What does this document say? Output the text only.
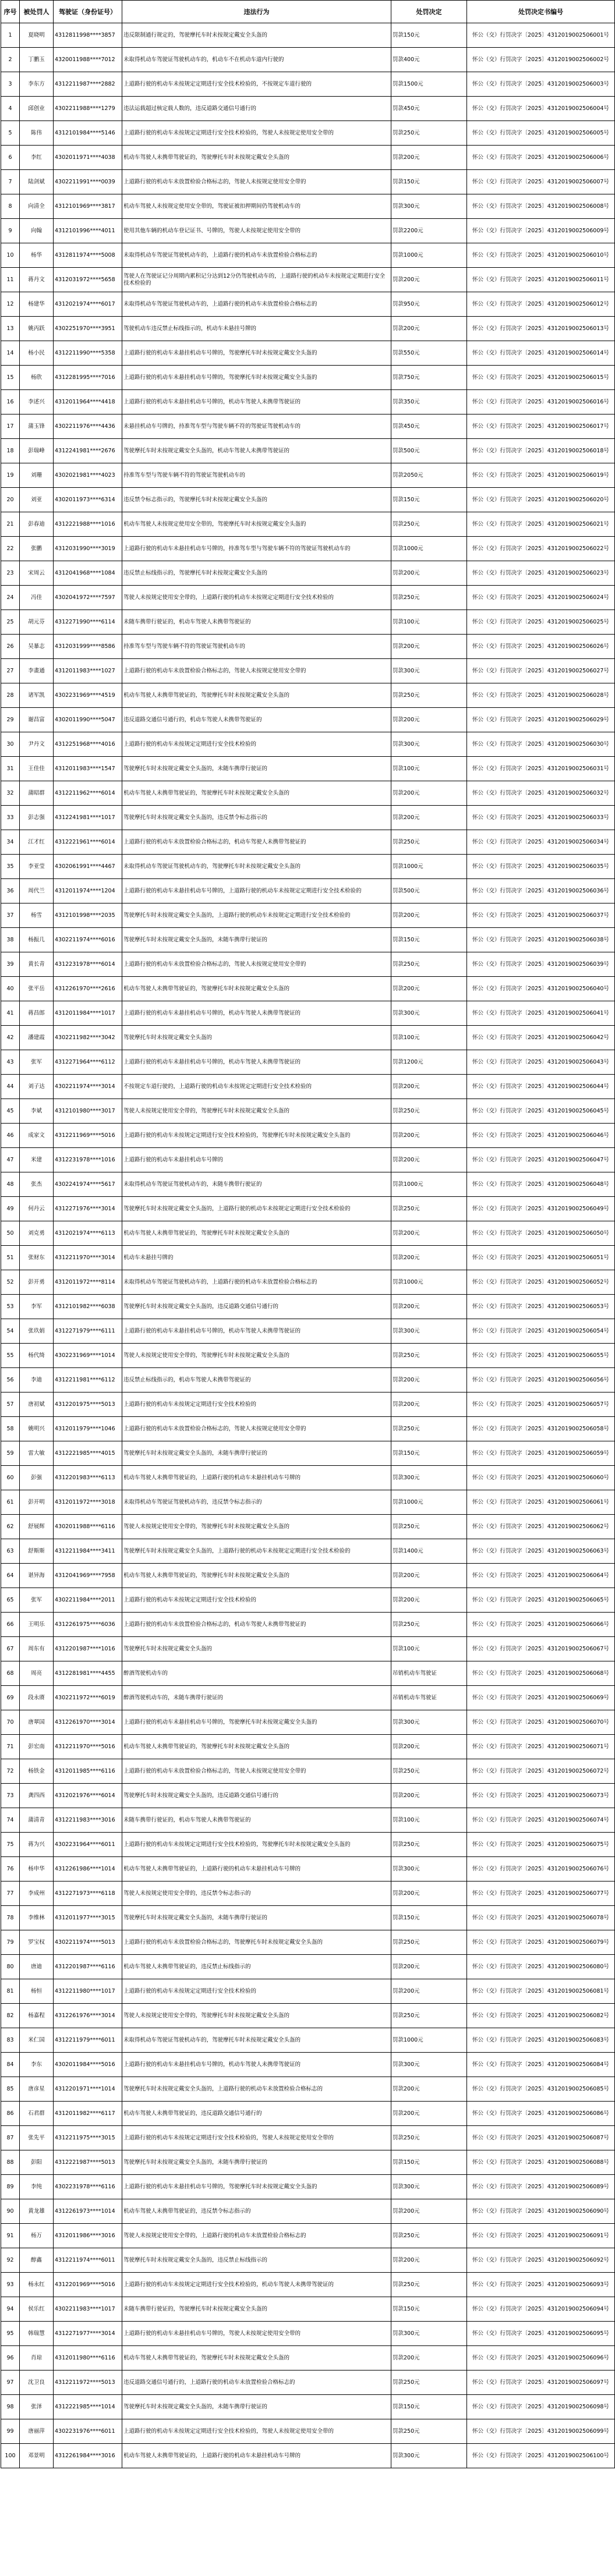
序号	被处罚人	驾驶证（身份证号）	违法行为	处罚决定	处罚决定书编号
1	夏晓明	4312811998****3857	违反限制通行规定的，驾驶摩托车时未按规定戴安全头盔的	罚款150元	怀公（交）行罚决字〔2025〕4312019002506001号
2	丁鹏玉	4320011988****7012	未取得机动车驾驶证驾驶机动车的，机动车不在机动车道内行驶的	罚款400元	怀公（交）行罚决字〔2025〕4312019002506002号
3	李东方	4312211987****2882	上道路行驶的机动车未按规定定期进行安全技术检验的，不按规定车道行驶的	罚款1500元	怀公（交）行罚决字〔2025〕4312019002506003号
4	邱创业	4302211988****1279	违法运载超过核定载人数的，违反道路交通信号通行的	罚款450元	怀公（交）行罚决字〔2025〕4312019002506004号
5	陈伟	4312101984****5146	上道路行驶的机动车未按规定定期进行安全技术检验的，驾驶人未按规定使用安全带的	罚款250元	怀公（交）行罚决字〔2025〕4312019002506005号
6	李红	4302011971****4038	机动车驾驶人未携带驾驶证的，驾驶摩托车时未按规定戴安全头盔的	罚款200元	怀公（交）行罚决字〔2025〕4312019002506006号
7	陆剑斌	4302211991****0039	上道路行驶的机动车未放置检验合格标志的，驾驶人未按规定使用安全带的	罚款150元	怀公（交）行罚决字〔2025〕4312019002506007号
8	向清全	4312101969****3817	机动车驾驶人未按规定使用安全带的，驾驶证被扣押期间仍驾驶机动车的	罚款300元	怀公（交）行罚决字〔2025〕4312019002506008号
9	向翰	4312101996****4011	使用其他车辆的机动车登记证书、号牌的，驾驶人未按规定使用安全带的	罚款2200元	怀公（交）行罚决字〔2025〕4312019002506009号
10	杨华	4312811974****5008	未取得机动车驾驶证驾驶机动车的，上道路行驶的机动车未放置检验合格标志的	罚款1000元	怀公（交）行罚决字〔2025〕4312019002506010号
11	蒋丹文	4312031972****5658	驾驶人在驾驶证记分周期内累积记分达到12分仍驾驶机动车的，上道路行驶的机动车未按规定定期进行安全技术检验的	罚款200元	怀公（交）行罚决字〔2025〕4312019002506011号
12	杨建华	4312021974****6017	未取得机动车驾驶证驾驶机动车的，上道路行驶的机动车未放置检验合格标志的	罚款950元	怀公（交）行罚决字〔2025〕4312019002506012号
13	姚丙跃	4302251970****3951	驾驶机动车违反禁止标线指示的，机动车未悬挂号牌的	罚款200元	怀公（交）行罚决字〔2025〕4312019002506013号
14	杨小民	4312211990****5358	上道路行驶的机动车未悬挂机动车号牌的，驾驶摩托车时未按规定戴安全头盔的	罚款550元	怀公（交）行罚决字〔2025〕4312019002506014号
15	杨欣	4312281995****7016	上道路行驶的机动车未悬挂机动车号牌的，驾驶摩托车时未按规定戴安全头盔的	罚款750元	怀公（交）行罚决字〔2025〕4312019002506015号
16	李述兴	4312011964****4418	上道路行驶的机动车未悬挂机动车号牌的，机动车驾驶人未携带驾驶证的	罚款350元	怀公（交）行罚决字〔2025〕4312019002506016号
17	蒲玉锋	4302211976****4436	未悬挂机动车号牌的，持准驾车型与驾驶车辆不符的驾驶证驾驶机动车的	罚款450元	怀公（交）行罚决字〔2025〕4312019002506017号
18	彭瑞峰	4312241981****2676	驾驶摩托车时未按规定戴安全头盔的，机动车驾驶人未携带驾驶证的	罚款500元	怀公（交）行罚决字〔2025〕4312019002506018号
19	刘珊	4302021981****4023	持准驾车型与驾驶车辆不符的驾驶证驾驶机动车的	罚款2050元	怀公（交）行罚决字〔2025〕4312019002506019号
20	刘亚	4302011973****6314	违反禁令标志指示的，驾驶摩托车时未按规定戴安全头盔的	罚款150元	怀公（交）行罚决字〔2025〕4312019002506020号
21	彭春迪	4312221988****1016	机动车驾驶人未按规定使用安全带的，驾驶摩托车时未按规定戴安全头盔的	罚款250元	怀公（交）行罚决字〔2025〕4312019002506021号
22	张鹏	4312031990****3019	上道路行驶的机动车未悬挂机动车号牌的，持准驾车型与驾驶车辆不符的驾驶证驾驶机动车的	罚款1000元	怀公（交）行罚决字〔2025〕4312019002506022号
23	宋周云	4312041968****1084	违反禁止标线指示的，驾驶摩托车时未按规定戴安全头盔的	罚款200元	怀公（交）行罚决字〔2025〕4312019002506023号
24	冯佳	4302041972****7597	驾驶人未按规定使用安全带的，上道路行驶的机动车未按规定定期进行安全技术检验的	罚款250元	怀公（交）行罚决字〔2025〕4312019002506024号
25	胡元芬	4312271990****6114	未随车携带行驶证的，机动车驾驶人未携带驾驶证的	罚款100元	怀公（交）行罚决字〔2025〕4312019002506025号
26	吴暴志	4312031999****8586	持准驾车型与驾驶车辆不符的驾驶证驾驶机动车的	罚款200元	怀公（交）行罚决字〔2025〕4312019002506026号
27	李畫通	4312011983****1027	上道路行驶的机动车未放置检验合格标志的，驾驶人未按规定使用安全带的	罚款300元	怀公（交）行罚决字〔2025〕4312019002506027号
28	诸军凯	4302231969****4519	机动车驾驶人未携带驾驶证的，驾驶摩托车时未按规定戴安全头盔的	罚款250元	怀公（交）行罚决字〔2025〕4312019002506028号
29	谢昌富	4302011990****5047	违反道路交通信号通行的，机动车驾驶人未携带驾驶证的	罚款200元	怀公（交）行罚决字〔2025〕4312019002506029号
30	尹丹文	4312251968****4016	上道路行驶的机动车未按规定定期进行安全技术检验的	罚款300元	怀公（交）行罚决字〔2025〕4312019002506030号
31	王佳佳	4312011983****1547	驾驶摩托车时未按规定戴安全头盔的，未随车携带行驶证的	罚款100元	怀公（交）行罚决字〔2025〕4312019002506031号
32	蒲昭群	4312211962****6014	机动车驾驶人未携带驾驶证的，驾驶摩托车时未按规定戴安全头盔的	罚款200元	怀公（交）行罚决字〔2025〕4312019002506032号
33	彭志强	4312241981****1017	驾驶摩托车时未按规定戴安全头盔的，违反禁令标志指示的	罚款200元	怀公（交）行罚决字〔2025〕4312019002506033号
34	江才红	4312221961****6014	上道路行驶的机动车未放置检验合格标志的，机动车驾驶人未携带驾驶证的	罚款250元	怀公（交）行罚决字〔2025〕4312019002506034号
35	李亚莹	4302061991****4467	未取得机动车驾驶证驾驶机动车的，驾驶摩托车时未按规定戴安全头盔的	罚款1000元	怀公（交）行罚决字〔2025〕4312019002506035号
36	周代兰	4312011974****1204	上道路行驶的机动车未悬挂机动车号牌的，上道路行驶的机动车未按规定定期进行安全技术检验的	罚款500元	怀公（交）行罚决字〔2025〕4312019002506036号
37	杨雪	4312101998****2035	驾驶摩托车时未按规定戴安全头盔的，上道路行驶的机动车未按规定定期进行安全技术检验的	罚款200元	怀公（交）行罚决字〔2025〕4312019002506037号
38	杨振几	4302211974****6016	驾驶摩托车时未按规定戴安全头盔的，未随车携带行驶证的	罚款150元	怀公（交）行罚决字〔2025〕4312019002506038号
39	黄长青	4312231978****6014	上道路行驶的机动车未放置检验合格标志的，驾驶人未按规定使用安全带的	罚款250元	怀公（交）行罚决字〔2025〕4312019002506039号
40	张平岳	4312261970****2616	机动车驾驶人未携带驾驶证的，驾驶摩托车时未按规定戴安全头盔的	罚款200元	怀公（交）行罚决字〔2025〕4312019002506040号
41	蒋昌郎	4312011984****1017	上道路行驶的机动车未悬挂机动车号牌的，机动车驾驶人未携带驾驶证的	罚款300元	怀公（交）行罚决字〔2025〕4312019002506041号
42	潘建霞	4302211982****3042	驾驶摩托车时未按规定戴安全头盔的	罚款100元	怀公（交）行罚决字〔2025〕4312019002506042号
43	张军	4312271964****6112	上道路行驶的机动车未悬挂机动车号牌的，机动车驾驶人未携带驾驶证的	罚款1200元	怀公（交）行罚决字〔2025〕4312019002506043号
44	刘子达	4302211974****3014	不按规定车道行驶的，上道路行驶的机动车未按规定定期进行安全技术检验的	罚款200元	怀公（交）行罚决字〔2025〕4312019002506044号
45	李斌	4312101980****3017	驾驶人未按规定使用安全带的，驾驶摩托车时未按规定戴安全头盔的	罚款250元	怀公（交）行罚决字〔2025〕4312019002506045号
46	成家文	4312211969****5016	上道路行驶的机动车未按规定定期进行安全技术检验的，驾驶摩托车时未按规定戴安全头盔的	罚款200元	怀公（交）行罚决字〔2025〕4312019002506046号
47	米建	4312231978****1016	上道路行驶的机动车未悬挂机动车号牌的	罚款200元	怀公（交）行罚决字〔2025〕4312019002506047号
48	张杰	4302241974****5617	未取得机动车驾驶证驾驶机动车的，未随车携带行驶证的	罚款1000元	怀公（交）行罚决字〔2025〕4312019002506048号
49	何丹云	4312271976****3014	驾驶摩托车时未按规定戴安全头盔的，上道路行驶的机动车未按规定定期进行安全技术检验的	罚款250元	怀公（交）行罚决字〔2025〕4312019002506049号
50	刘克勇	4312021974****6113	机动车驾驶人未携带驾驶证的，驾驶摩托车时未按规定戴安全头盔的	罚款200元	怀公（交）行罚决字〔2025〕4312019002506050号
51	张财东	4312211970****3014	机动车未悬挂号牌的	罚款200元	怀公（交）行罚决字〔2025〕4312019002506051号
52	彭开勇	4312011972****8114	未取得机动车驾驶证驾驶机动车的，上道路行驶的机动车未放置检验合格标志的	罚款1000元	怀公（交）行罚决字〔2025〕4312019002506052号
53	李军	4312101982****6038	驾驶摩托车时未按规定戴安全头盔的，违反道路交通信号通行的	罚款200元	怀公（交）行罚决字〔2025〕4312019002506053号
54	张玖娟	4312271979****6111	上道路行驶的机动车未悬挂机动车号牌的，机动车驾驶人未携带驾驶证的	罚款300元	怀公（交）行罚决字〔2025〕4312019002506054号
55	杨代绮	4302231969****1014	驾驶人未按规定使用安全带的，驾驶摩托车时未按规定戴安全头盔的	罚款250元	怀公（交）行罚决字〔2025〕4312019002506055号
56	李迪	4312211981****6112	违反禁止标线指示的，机动车驾驶人未携带驾驶证的	罚款200元	怀公（交）行罚决字〔2025〕4312019002506056号
57	唐初斌	4312201975****5013	上道路行驶的机动车未按规定定期进行安全技术检验的	罚款200元	怀公（交）行罚决字〔2025〕4312019002506057号
58	姚明兴	4312011979****1046	上道路行驶的机动车未放置检验合格标志的，驾驶人未按规定使用安全带的	罚款250元	怀公（交）行罚决字〔2025〕4312019002506058号
59	雷大敏	4312221985****4015	驾驶摩托车时未按规定戴安全头盔的，未随车携带行驶证的	罚款150元	怀公（交）行罚决字〔2025〕4312019002506059号
60	彭强	4312201983****6113	机动车驾驶人未携带驾驶证的，上道路行驶的机动车未悬挂机动车号牌的	罚款300元	怀公（交）行罚决字〔2025〕4312019002506060号
61	彭开明	4312011972****3018	未取得机动车驾驶证驾驶机动车的，违反禁令标志指示的	罚款1000元	怀公（交）行罚决字〔2025〕4312019002506061号
62	舒展辉	4302011988****6116	驾驶人未按规定使用安全带的，驾驶摩托车时未按规定戴安全头盔的	罚款250元	怀公（交）行罚决字〔2025〕4312019002506062号
63	舒斯斯	4312211984****3411	驾驶摩托车时未按规定戴安全头盔的，上道路行驶的机动车未按规定定期进行安全技术检验的	罚款1400元	怀公（交）行罚决字〔2025〕4312019002506063号
64	谌异海	4312041969****7958	机动车驾驶人未携带驾驶证的，驾驶摩托车时未按规定戴安全头盔的	罚款200元	怀公（交）行罚决字〔2025〕4312019002506064号
65	张军	4302211984****2011	上道路行驶的机动车未按规定定期进行安全技术检验的	罚款200元	怀公（交）行罚决字〔2025〕4312019002506065号
66	王明乐	4312261975****6036	上道路行驶的机动车未放置检验合格标志的，机动车驾驶人未携带驾驶证的	罚款250元	怀公（交）行罚决字〔2025〕4312019002506066号
67	周东有	4312201987****1016	驾驶摩托车时未按规定戴安全头盔的	罚款100元	怀公（交）行罚决字〔2025〕4312019002506067号
68	周亮	4312281981****4455	醉酒驾驶机动车的	吊销机动车驾驶证	怀公（交）行罚决字〔2025〕4312019002506068号
69	段永赓	4302211972****6019	醉酒驾驶机动车的，未随车携带行驶证的	吊销机动车驾驶证	怀公（交）行罚决字〔2025〕4312019002506069号
70	唐翠国	4312261970****3014	上道路行驶的机动车未悬挂机动车号牌的，驾驶摩托车时未按规定戴安全头盔的	罚款300元	怀公（交）行罚决字〔2025〕4312019002506070号
71	彭宏南	4312211970****5016	机动车驾驶人未携带驾驶证的，驾驶摩托车时未按规定戴安全头盔的	罚款200元	怀公（交）行罚决字〔2025〕4312019002506071号
72	杨铁金	4312011985****6116	上道路行驶的机动车未放置检验合格标志的，驾驶人未按规定使用安全带的	罚款250元	怀公（交）行罚决字〔2025〕4312019002506072号
73	龚四西	4312021976****6014	驾驶摩托车时未按规定戴安全头盔的，违反道路交通信号通行的	罚款200元	怀公（交）行罚决字〔2025〕4312019002506073号
74	蒲清青	4312211983****3016	未随车携带行驶证的，机动车驾驶人未携带驾驶证的	罚款100元	怀公（交）行罚决字〔2025〕4312019002506074号
75	蒋为兴	4302231964****6011	上道路行驶的机动车未按规定定期进行安全技术检验的，驾驶摩托车时未按规定戴安全头盔的	罚款250元	怀公（交）行罚决字〔2025〕4312019002506075号
76	杨申华	4312261986****1014	机动车驾驶人未携带驾驶证的，上道路行驶的机动车未悬挂机动车号牌的	罚款300元	怀公（交）行罚决字〔2025〕4312019002506076号
77	李成州	4312271973****6118	驾驶人未按规定使用安全带的，违反禁令标志指示的	罚款200元	怀公（交）行罚决字〔2025〕4312019002506077号
78	李维林	4312011977****3015	驾驶摩托车时未按规定戴安全头盔的，未随车携带行驶证的	罚款150元	怀公（交）行罚决字〔2025〕4312019002506078号
79	罗宝权	4302211974****5013	上道路行驶的机动车未放置检验合格标志的，驾驶摩托车时未按规定戴安全头盔的	罚款250元	怀公（交）行罚决字〔2025〕4312019002506079号
80	唐迪	4312201987****6116	机动车驾驶人未携带驾驶证的，违反禁止标线指示的	罚款200元	怀公（交）行罚决字〔2025〕4312019002506080号
81	杨恒	4312211980****1017	上道路行驶的机动车未按规定定期进行安全技术检验的	罚款200元	怀公（交）行罚决字〔2025〕4312019002506081号
82	杨嘉程	4312261976****3014	驾驶人未按规定使用安全带的，驾驶摩托车时未按规定戴安全头盔的	罚款250元	怀公（交）行罚决字〔2025〕4312019002506082号
83	米仁国	4312211979****6011	未取得机动车驾驶证驾驶机动车的，驾驶摩托车时未按规定戴安全头盔的	罚款1000元	怀公（交）行罚决字〔2025〕4312019002506083号
84	李东	4302011984****5016	上道路行驶的机动车未悬挂机动车号牌的，机动车驾驶人未携带驾驶证的	罚款300元	怀公（交）行罚决字〔2025〕4312019002506084号
85	唐彦星	4312201971****1014	驾驶摩托车时未按规定戴安全头盔的，上道路行驶的机动车未放置检验合格标志的	罚款200元	怀公（交）行罚决字〔2025〕4312019002506085号
86	石君群	4312011982****6117	机动车驾驶人未携带驾驶证的，违反道路交通信号通行的	罚款200元	怀公（交）行罚决字〔2025〕4312019002506086号
87	张先平	4312211975****3015	上道路行驶的机动车未按规定定期进行安全技术检验的，驾驶人未按规定使用安全带的	罚款250元	怀公（交）行罚决字〔2025〕4312019002506087号
88	彭阳	4312221987****5013	驾驶摩托车时未按规定戴安全头盔的，未随车携带行驶证的	罚款150元	怀公（交）行罚决字〔2025〕4312019002506088号
89	李纯	4302231978****6116	上道路行驶的机动车未悬挂机动车号牌的，驾驶摩托车时未按规定戴安全头盔的	罚款300元	怀公（交）行罚决字〔2025〕4312019002506089号
90	黄龙雄	4312261973****1014	机动车驾驶人未携带驾驶证的，违反禁令标志指示的	罚款200元	怀公（交）行罚决字〔2025〕4312019002506090号
91	杨万	4312011986****3016	驾驶人未按规定使用安全带的，上道路行驶的机动车未放置检验合格标志的	罚款250元	怀公（交）行罚决字〔2025〕4312019002506091号
92	醇鑫	4312211974****6011	驾驶摩托车时未按规定戴安全头盔的，违反禁止标线指示的	罚款200元	怀公（交）行罚决字〔2025〕4312019002506092号
93	杨永红	4312201969****5016	上道路行驶的机动车未按规定定期进行安全技术检验的，机动车驾驶人未携带驾驶证的	罚款250元	怀公（交）行罚决字〔2025〕4312019002506093号
94	侯乐红	4302211983****1017	未随车携带行驶证的，驾驶摩托车时未按规定戴安全头盔的	罚款150元	怀公（交）行罚决字〔2025〕4312019002506094号
95	韩瑞慧	4312271977****3014	上道路行驶的机动车未悬挂机动车号牌的，驾驶人未按规定使用安全带的	罚款300元	怀公（交）行罚决字〔2025〕4312019002506095号
96	肖琼	4312011980****6116	机动车驾驶人未携带驾驶证的，驾驶摩托车时未按规定戴安全头盔的	罚款200元	怀公（交）行罚决字〔2025〕4312019002506096号
97	沈卫良	4312211972****5013	违反道路交通信号通行的，上道路行驶的机动车未放置检验合格标志的	罚款250元	怀公（交）行罚决字〔2025〕4312019002506097号
98	张泽	4312221985****1014	驾驶摩托车时未按规定戴安全头盔的，未随车携带行驶证的	罚款150元	怀公（交）行罚决字〔2025〕4312019002506098号
99	唐丽萍	4302231976****6011	上道路行驶的机动车未按规定定期进行安全技术检验的，驾驶人未按规定使用安全带的	罚款250元	怀公（交）行罚决字〔2025〕4312019002506099号
100	邓景明	4312261984****3016	机动车驾驶人未携带驾驶证的，上道路行驶的机动车未悬挂机动车号牌的	罚款300元	怀公（交）行罚决字〔2025〕4312019002506100号
